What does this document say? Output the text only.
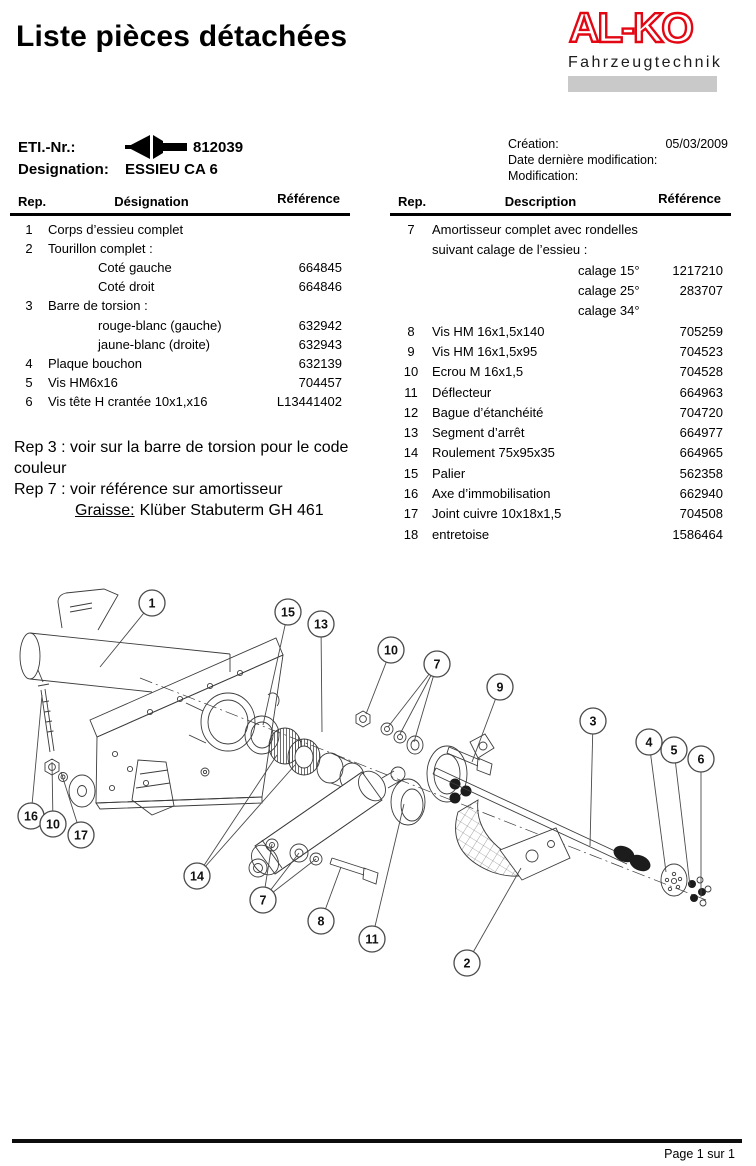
Liste pièces détachées	AL-KO
Fahrzeugtechnik
ETI.-Nr.:	812039
Designation:	ESSIEU CA 6
Création:	05/03/2009
Date dernière modification:
Modification:
Rep.	Désignation	Référence
1	Corps d’essieu complet
2	Tourillon complet :
Coté gauche	664845
Coté droit	664846
3	Barre de torsion :
rouge-blanc (gauche)	632942
jaune-blanc (droite)	632943
4	Plaque bouchon	632139
5	Vis HM6x16	704457
6	Vis tête H crantée 10x1,x16	L13441402
Rep.	Description	Référence
7	Amortisseur complet avec rondelles
suivant calage de l’essieu :
calage 15°	1217210
calage 25°	283707
calage 34°
8	Vis HM 16x1,5x140	705259
9	Vis HM 16x1,5x95	704523
10	Ecrou M 16x1,5	704528
11	Déflecteur	664963
12	Bague d’étanchéité	704720
13	Segment d’arrêt	664977
14	Roulement 75x95x35	664965
15	Palier	562358
16	Axe d’immobilisation	662940
17	Joint cuivre 10x18x1,5	704508
18	entretoise	1586464
Rep 3 : voir sur la barre de torsion pour le code couleur
Rep 7 : voir référence sur amortisseur
Graisse: Klüber Stabuterm GH 461
1
15
13
10
7
9
3
4
5
6
16
10
17
14
7
8
11
2
Page 1 sur 1
